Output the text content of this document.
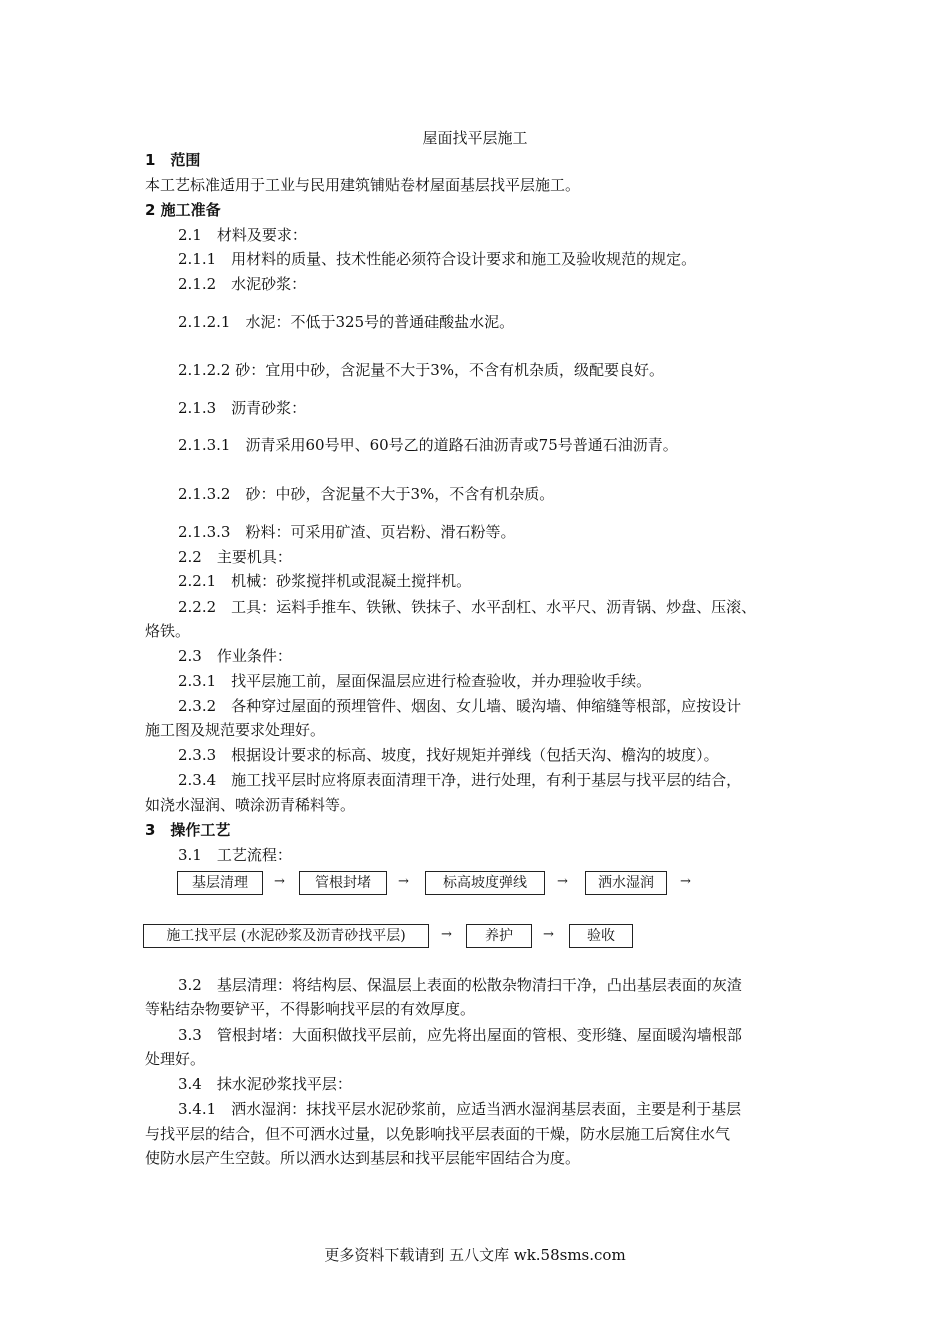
屋面找平层施工
1　范围
本工艺标准适用于工业与民用建筑铺贴卷材屋面基层找平层施工。
2 施工准备
2.1　材料及要求：
2.1.1　用材料的质量、技术性能必须符合设计要求和施工及验收规范的规定。
2.1.2　水泥砂浆：
2.1.2.1　水泥：不低于325号的普通硅酸盐水泥。
2.1.2.2 砂：宜用中砂，含泥量不大于3%，不含有机杂质，级配要良好。
2.1.3　沥青砂浆：
2.1.3.1　沥青采用60号甲、60号乙的道路石油沥青或75号普通石油沥青。
2.1.3.2　砂：中砂，含泥量不大于3%，不含有机杂质。
2.1.3.3　粉料：可采用矿渣、页岩粉、滑石粉等。
2.2　主要机具：
2.2.1　机械：砂浆搅拌机或混凝土搅拌机。
2.2.2　工具：运料手推车、铁锹、铁抹子、水平刮杠、水平尺、沥青锅、炒盘、压滚、
烙铁。
2.3　作业条件：
2.3.1　找平层施工前，屋面保温层应进行检查验收，并办理验收手续。
2.3.2　各种穿过屋面的预埋管件、烟囱、女儿墙、暖沟墙、伸缩缝等根部，应按设计
施工图及规范要求处理好。
2.3.3　根据设计要求的标高、坡度，找好规矩并弹线（包括天沟、檐沟的坡度）。
2.3.4　施工找平层时应将原表面清理干净，进行处理，有利于基层与找平层的结合，
如浇水湿润、喷涂沥青稀料等。
3　操作工艺
3.1　工艺流程：
基层清理	→	管根封堵	→	标高坡度弹线	→	洒水湿润	→
施工找平层 (水泥砂浆及沥青砂找平层)	→	养护	→	验收
3.2　基层清理：将结构层、保温层上表面的松散杂物清扫干净，凸出基层表面的灰渣
等粘结杂物要铲平，不得影响找平层的有效厚度。
3.3　管根封堵：大面积做找平层前，应先将出屋面的管根、变形缝、屋面暖沟墙根部
处理好。
3.4　抹水泥砂浆找平层：
3.4.1　洒水湿润：抹找平层水泥砂浆前，应适当洒水湿润基层表面，主要是利于基层
与找平层的结合，但不可洒水过量，以免影响找平层表面的干燥，防水层施工后窝住水气
使防水层产生空鼓。所以洒水达到基层和找平层能牢固结合为度。
更多资料下载请到 五八文库 wk.58sms.com
